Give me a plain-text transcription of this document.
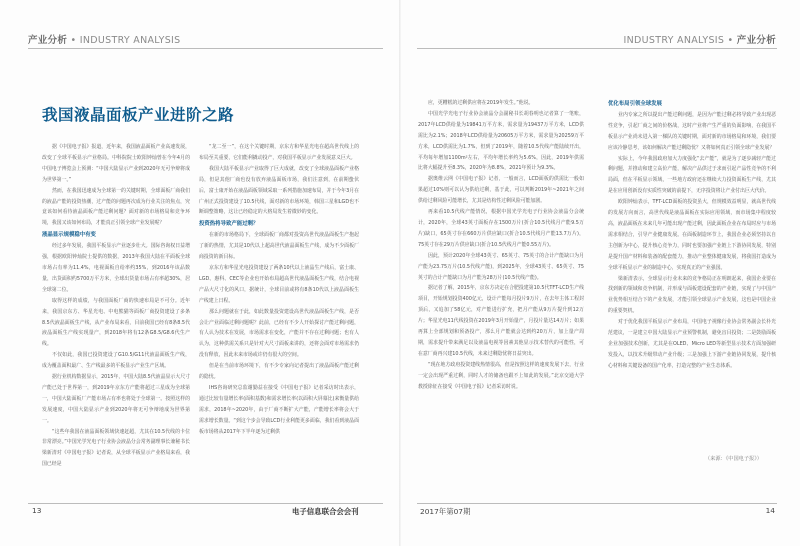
产业分析 • INDUSTRY ANALYSIS	INDUSTRY ANALYSIS • 产业分析
我国液晶面板产业进阶之路

据《中国电子报》报道，近年来，我国液晶面板产业高速发展，改变了全球平板显示产业格局。中科院院士欧阳钟灿曾在今年4月的中国电子博览会上预测：“中国大陆显示产业到2020年无可争辩将成为世界第一。”

然而，在我国迅速成为全球第一的关键时期，全球面板厂商我们的液晶产能的投资热潮，过产能的问题再次成为行业关注的焦点，究竟该如何看待液晶面板产能过剩问题？面对新的市场格局和竞争环境，我国又该如何布局，才能真正引领全球产业发展呢？

液晶显示规模稳中有变

经过多年发展，我国平板显示产业逐步壮大。国际咨询权日益增强，根据欧阳钟灿院士提供的数据，2013年我国大陆在平面板全球市场占有率为11.4%，电视面板自给率约35%，到2016年该品数量，出货面积约5700万平方米，全球出货量市场占有率超30%，居全球第二位。

取得这样的成绩，与我国面板厂商的快速布局是不可分。近年来，我国京东方、华星光电、中电熊猫等面板厂商投资建设了多条8.5代液晶面板生产线，从产业布局来看，目前我国已经有8条8.5代液晶面板生产线实现量产，到2018年将有12条G8.5/G8.6代生产线。

不仅如此，我国已投资建设了G10.5/G11代液晶面板生产线，成为覆盖面积最广、生产线最多的平板显示产业生产区域。

据行业机构数据显示，2015年，中国大陆8.5代液晶显示大尺寸产能已处于世界第一，到2019年京东方产能将超过三星成为全球第一，中国大陆面板厂产能市场占有率也将处于全球第一。按照这样的发展速度，中国大陆显示产业到2020年将无可争辩地成为世界第一。

“这些年我国在液晶面板领域快速赶超，尤其在10.5代线的卡位非常漂亮。”中国光学光电子行业协会液晶分会常务副理事长兼秘书长梁新清对《中国电子报》记者说，从全球平板显示产业格局来看，我国已经是

“龙二至一”，在这个关键时期，京东方和华星光电在超高世代线上的布局至关重要，它们能利撬动投产，对我国平板显示产业发展意义巨大。

我国大陆平板显示产业取得了巨大成就，改变了全球液晶面板产业格局，但是其他厂商也没有放弃液晶面板市场，我们注意到，在前期蛰伏后，富士康开始在液晶面板领域采取一系列措施加速布局，并于今年3月在广州正式投资建设了10.5代线，面对新的市场环境，韩国三星和LGD也不断调整策略，这让已经稳定的大格局发生着微妙的变化。

投资热将导致产能过剩？

在新的市场格局下，全球面板厂商都对投资高世代液晶面板生产抱起了新的热情，尤其是10代以上超高世代液晶面板生产线，成为不少面板厂商投资的新目标。

京东方和华星光电投资建设了两条10代以上液晶生产线后，富士康、LGD、惠科、CEC等企业也开始布局超高世代液晶面板生产线，结合电视产品大尺寸化的风口，据统计，全球目前或将有8条10代以上液晶面板生产线建上日程。

那么问题就在于此，如此数量投资建设高世代液晶面板生产线，是否会让产业面临过剩问题呢？此前，已经有不少人开始探讨产能过剩问题，有人认为技术在发展，市场需求在变化，产能并不存在过剩问题；也有人认为，这种供需关系只是针对大尺寸面板来讲的，还将会面对市场需求仍没有释放，因此未来市场或许仍有很大的空间。

但是在当前市场环境下，有不少专家向记者提出了液晶面板产能过剩的隐忧。

IHS咨询研究总监谢勤益在接受《中国电子报》记者采访时出表示，通过比较有量增长率(面积基数)和需求增长率(以面积大屏幕比)来衡量供给需求，2018年~2020年，由于厂商不断扩大产能，产能增长率将会大于需求增长数量。“到这个步会导致LCD行业利能更多面临，我们看到液晶面板市场将从2017年下半年逐为过剩供

应，更糟糕的过剩供应将在2019年发生。”他说。

中国光学光电子行业协会液晶分会副秘书长胡春明也记者算了一笔账，2017年LCD供给量为19841万平方米，需求量为19437万平方米，LCD供需比为2.1%；2018年LCD供给量为20605万平方米，需求量为20259万平方米，LCD供需比为1.7%，但到了2019年，随着10.5代线产能陆续开出，平均每年增加1100m²左右，平均年增长率约为5.6%，因此，2019年供需比将大幅提升至8.3%，2020年为8.8%，2021年预计为9.3%。

据奥维云网《中国电子报》记者，一般而言，LCD面板的供需比一般如果超过10%则可以认为供给过剩，基于此，可以判断2019年~2021年之间供给过剩风险可能增长，尤其是结构性过剩风险可能加剧。

再来看10.5代线产能情况，根据中国光学光电子行业协会液晶分会统计，2020年，全球43英寸面板存在1500万片(折合10.5代线月产能9.5万片)缺口，65英寸存在660万片供应缺口(折合10.5代线月产能13.7万片)，75英寸存在29万片供应缺口(折合10.5代线月产能0.55万片)。

因此，预计2020年全球43英寸、65英寸、75英寸的合计产能缺口为月产能为23.75万片(10.5代线产能)，到2025年，全球43英寸、65英寸、75英寸的合计产能缺口为月产能为28万片(10.5代线产能)。

据记者了解，2015年，京东方决定在合肥投建第10.5代TFT-LCD生产线项目，开始规划投资400亿元，设计产能每月投片9万片，在去年主体工程封顶后，又追加了58亿元，对产能进行扩充，把月产能从9万片提升到12万片；华星光电11代线投资在2019年3月开始量产，月投片量达14万片；如果再算上全部规划和预备投产，那么月产能就会达到约20万片，加上量产周期，需求提升带来满足以及液晶电视等因素其他显示技术替代的可能性，可在意厂商再兴建10.5代线，未来过剩隐忧将日益突出。

“现在地方政府投资建线热情很高，但是按照这样的速度发展下去，行业一定会出现严重过剩，同时人才的储备也跟不上如此的发展。”北京交通大学教授徐征在接受《中国电子报》记者采访时说。

优化布局引领全球发展

业内专家之所以提出产能过剩问题，是因为产能过剩必将导致产业出现恶性竞争，引起厂商之间的价格战，这时产业将产生严重的负面影响，在我国平板显示产业尚未进入第一梯队的关键时期，面对新的市场格局和环境，我们要应该冷静思考，该如何解决产能过剩隐忧？又将如何真正引领全球产业发展？

实际上，今年我国政府加大力度强化“去产能”，就是为了逐步减轻产能过剩问题，并推动和建立高价产能，解决产品供过于求而引起产品性竞争的不利局面，但在平板显示领域，一些地方政府还在继续大力投资面板生产线，尤其是在应用创新没有实质性突破的前提下，无序投资将让产业付出巨大代价。

欧阳钟灿表示，TFT-LCD面板的投资虽大，但规模效益明显，就高世代线的发展方向而言，高世代线是液晶面板在实际应用领域，而市场集中程度较高，液晶面板在未来几年可能出现产能过剩，因此面板企业在布局时应与市场需求相结合，引导产业健康发展。在面板制造环节上，我国企业必须坚持以自主创新为中心，提升核心竞争力，同时也要加强产业链上下游协同发展，特别是提升国产材料和装备的配套能力，推动产业整体健康发展，将我国打造成为全球平板显示产业的制造中心，实现真正的产业强国。

梁新清表示，全球显示行业未来的竞争格局正在明朗起来，我国企业要在找到新的领域和竞争机制，并形成与面板建设配套的产业链，实现了与中国产业优势相互结合下的产业发展，才能引领全球显示产业发展，这也是中国企业的重要契机。

对于优化我国平板显示产业布局，中国电子视像行业协会常务副会长朴光范建议，一是建立中国大陆显示产业预警机制，避免盲目投资；二是鼓励面板企业加强技术创新，尤其是在OLED、Micro LED等新型显示技术方面加强研发投入，以技术升级带动产业升级；三是加强上下游产业链协同发展，提升核心材料和关键设备的国产化率，打造完整的产业生态体系。

（来源：《中国电子报》）
13	电子信息联合会会刊	2017年第07期	14
